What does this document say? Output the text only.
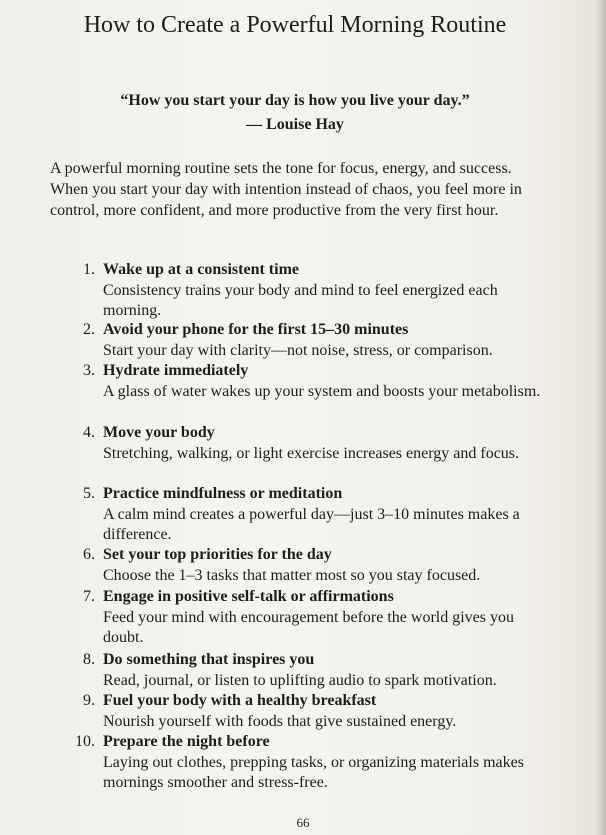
How to Create a Powerful Morning Routine

“How you start your day is how you live your day.”

— Louise Hay

A powerful morning routine sets the tone for focus, energy, and success. When you start your day with intention instead of chaos, you feel more in control, more confident, and more productive from the very first hour.

1. Wake up at a consistent time
Consistency trains your body and mind to feel energized each morning.
2. Avoid your phone for the first 15–30 minutes
Start your day with clarity—not noise, stress, or comparison.
3. Hydrate immediately
A glass of water wakes up your system and boosts your metabolism.
4. Move your body
Stretching, walking, or light exercise increases energy and focus.
5. Practice mindfulness or meditation
A calm mind creates a powerful day—just 3–10 minutes makes a difference.
6. Set your top priorities for the day
Choose the 1–3 tasks that matter most so you stay focused.
7. Engage in positive self-talk or affirmations
Feed your mind with encouragement before the world gives you doubt.
8. Do something that inspires you
Read, journal, or listen to uplifting audio to spark motivation.
9. Fuel your body with a healthy breakfast
Nourish yourself with foods that give sustained energy.
10. Prepare the night before
Laying out clothes, prepping tasks, or organizing materials makes mornings smoother and stress-free.
66
